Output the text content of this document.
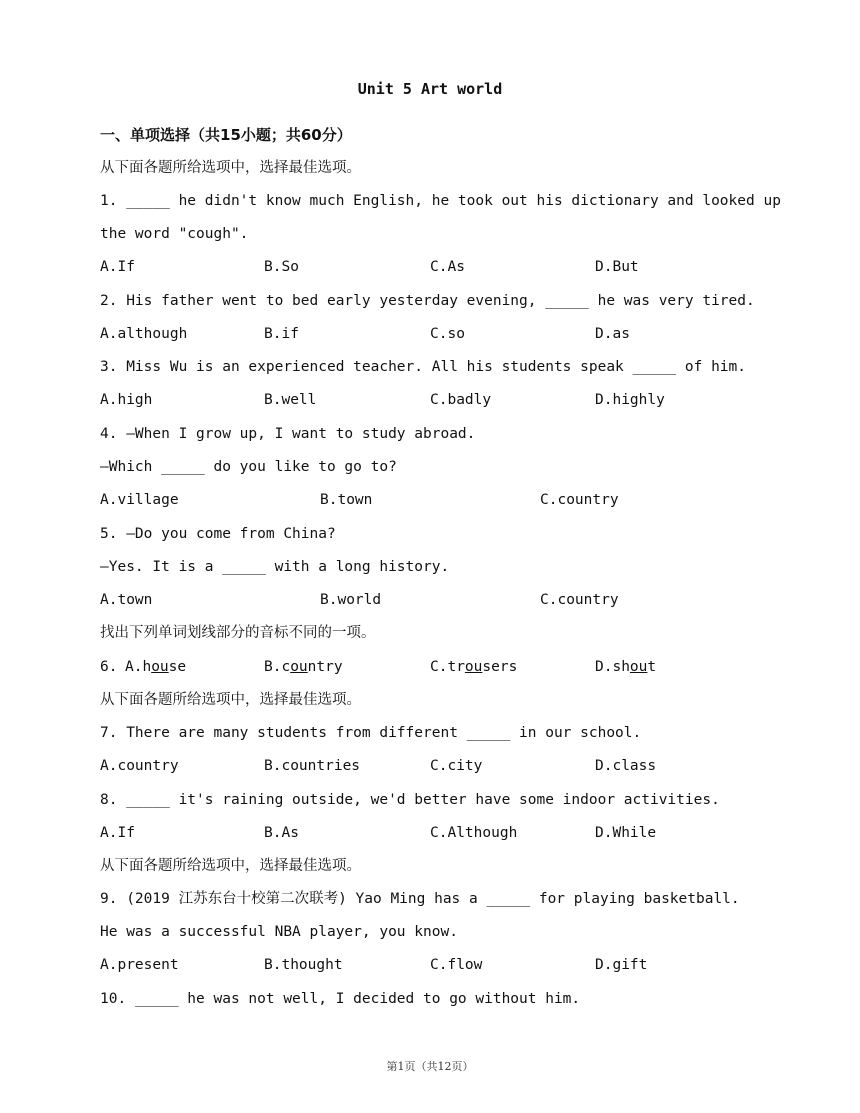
Unit 5 Art world
一、单项选择（共15小题；共60分）
从下面各题所给选项中，选择最佳选项。
1. _____ he didn't know much English, he took out his dictionary and looked up
the word "cough".
A.If	B.So	C.As	D.But
2. His father went to bed early yesterday evening, _____ he was very tired.
A.although	B.if	C.so	D.as
3. Miss Wu is an experienced teacher. All his students speak _____ of him.
A.high	B.well	C.badly	D.highly
4. —When I grow up, I want to study abroad.
—Which _____ do you like to go to?
A.village	B.town	C.country
5. —Do you come from China?
—Yes. It is a _____ with a long history.
A.town	B.world	C.country
找出下列单词划线部分的音标不同的一项。
6.
A.house	B.country	C.trousers	D.shout
从下面各题所给选项中，选择最佳选项。
7. There are many students from different _____ in our school.
A.country	B.countries	C.city	D.class
8. _____ it's raining outside, we'd better have some indoor activities.
A.If	B.As	C.Although	D.While
从下面各题所给选项中，选择最佳选项。
9. (2019 江苏东台十校第二次联考) Yao Ming has a _____ for playing basketball.
He was a successful NBA player, you know.
A.present	B.thought	C.flow	D.gift
10. _____ he was not well, I decided to go without him.
第1页（共12页）
